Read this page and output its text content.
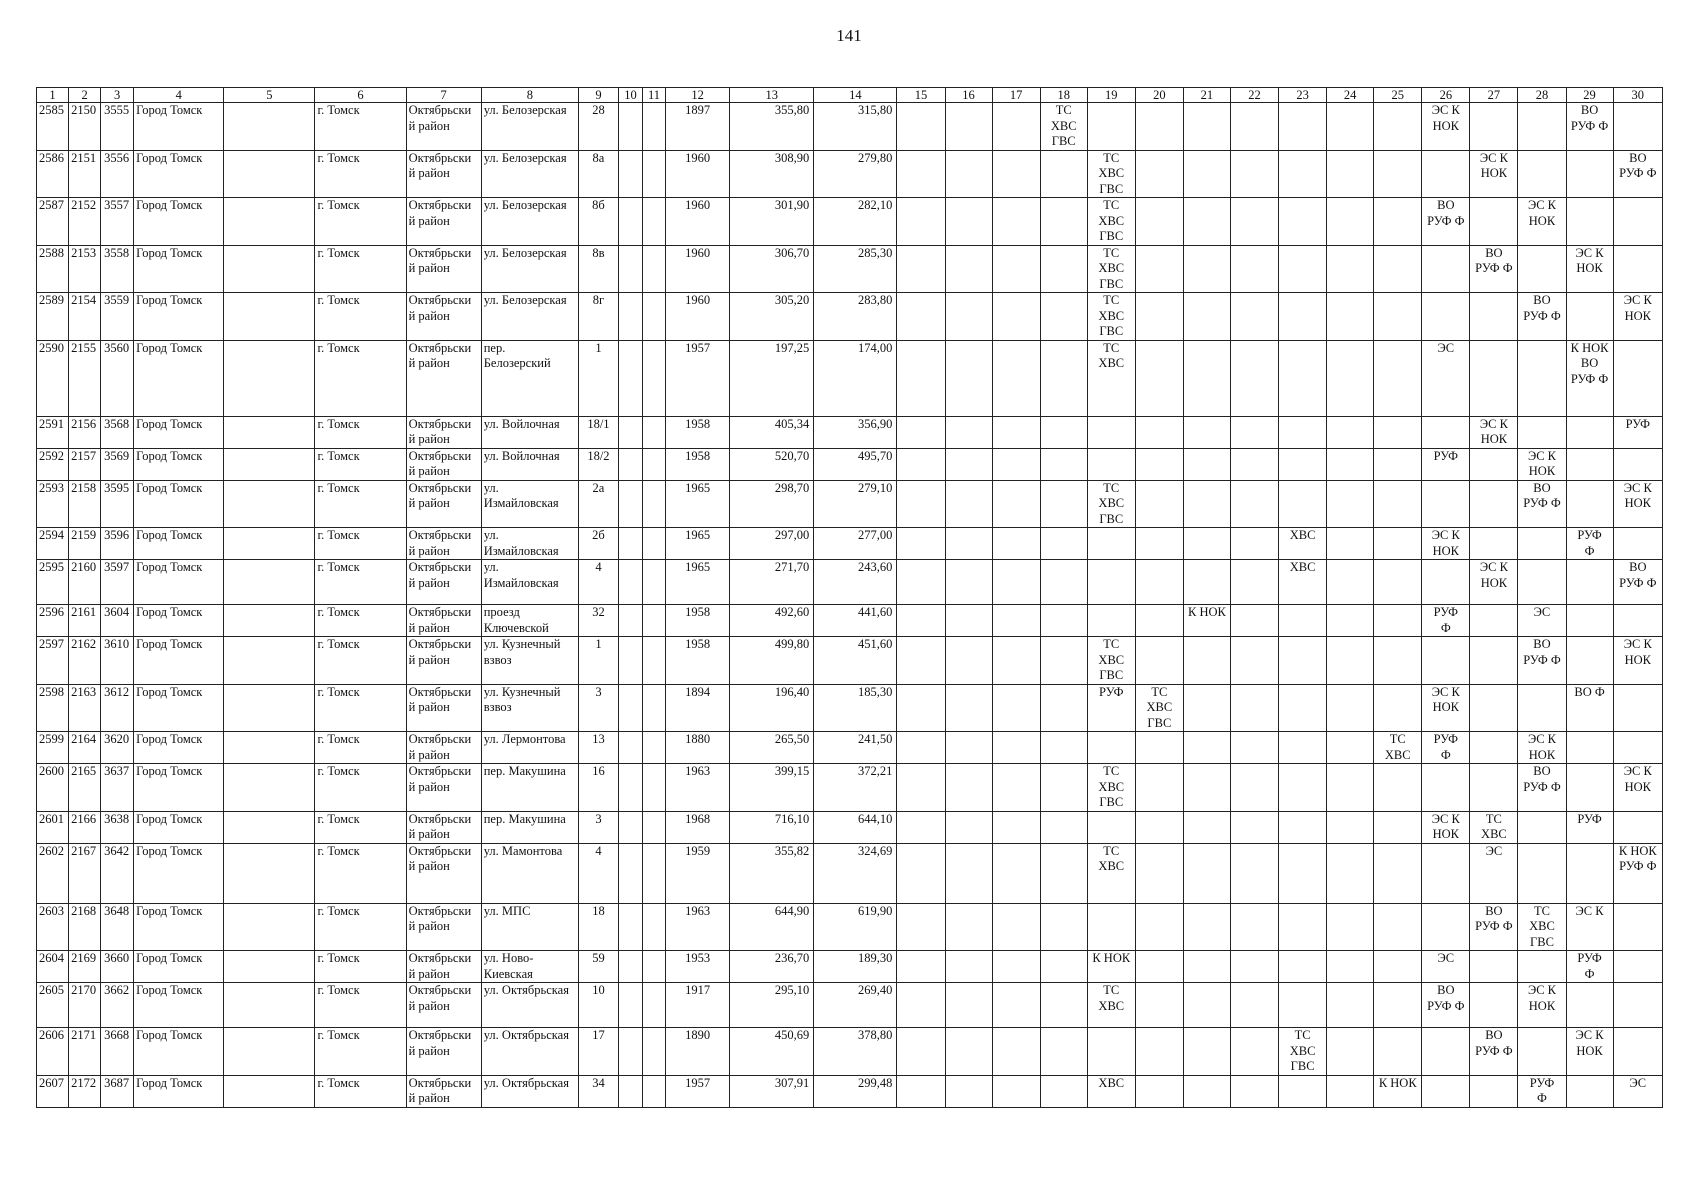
141
1	2	3	4	5	6	7	8	9	10	11	12	13	14	15	16	17	18	19	20	21	22	23	24	25	26	27	28	29	30
2585	2150	3555	Город Томск		г. Томск	Октябрьски
й район	ул. Белозерская	28			1897	355,80	315,80				ТС
ХВС
ГВС								ЭС К
НОК			ВО
РУФ Ф	
2586	2151	3556	Город Томск		г. Томск	Октябрьски
й район	ул. Белозерская	8а			1960	308,90	279,80					ТС
ХВС
ГВС								ЭС К
НОК			ВО
РУФ Ф
2587	2152	3557	Город Томск		г. Томск	Октябрьски
й район	ул. Белозерская	8б			1960	301,90	282,10					ТС
ХВС
ГВС							ВО
РУФ Ф		ЭС К
НОК		
2588	2153	3558	Город Томск		г. Томск	Октябрьски
й район	ул. Белозерская	8в			1960	306,70	285,30					ТС
ХВС
ГВС								ВО
РУФ Ф		ЭС К
НОК	
2589	2154	3559	Город Томск		г. Томск	Октябрьски
й район	ул. Белозерская	8г			1960	305,20	283,80					ТС
ХВС
ГВС									ВО
РУФ Ф		ЭС К
НОК
2590	2155	3560	Город Томск		г. Томск	Октябрьски
й район	пер.
Белозерский	1			1957	197,25	174,00					ТС
ХВС							ЭС			К НОК
ВО
РУФ Ф	
2591	2156	3568	Город Томск		г. Томск	Октябрьски
й район	ул. Войлочная	18/1			1958	405,34	356,90													ЭС К
НОК			РУФ
2592	2157	3569	Город Томск		г. Томск	Октябрьски
й район	ул. Войлочная	18/2			1958	520,70	495,70												РУФ		ЭС К
НОК		
2593	2158	3595	Город Томск		г. Томск	Октябрьски
й район	ул.
Измайловская	2а			1965	298,70	279,10					ТС
ХВС
ГВС									ВО
РУФ Ф		ЭС К
НОК
2594	2159	3596	Город Томск		г. Томск	Октябрьски
й район	ул.
Измайловская	2б			1965	297,00	277,00									ХВС			ЭС К
НОК			РУФ
Ф	
2595	2160	3597	Город Томск		г. Томск	Октябрьски
й район	ул.
Измайловская	4			1965	271,70	243,60									ХВС				ЭС К
НОК			ВО
РУФ Ф
2596	2161	3604	Город Томск		г. Томск	Октябрьски
й район	проезд
Ключевской	32			1958	492,60	441,60							К НОК					РУФ
Ф		ЭС		
2597	2162	3610	Город Томск		г. Томск	Октябрьски
й район	ул. Кузнечный
взвоз	1			1958	499,80	451,60					ТС
ХВС
ГВС									ВО
РУФ Ф		ЭС К
НОК
2598	2163	3612	Город Томск		г. Томск	Октябрьски
й район	ул. Кузнечный
взвоз	3			1894	196,40	185,30					РУФ	ТС
ХВС
ГВС						ЭС К
НОК			ВО Ф	
2599	2164	3620	Город Томск		г. Томск	Октябрьски
й район	ул. Лермонтова	13			1880	265,50	241,50											ТС
ХВС	РУФ
Ф		ЭС К
НОК		
2600	2165	3637	Город Томск		г. Томск	Октябрьски
й район	пер. Макушина	16			1963	399,15	372,21					ТС
ХВС
ГВС									ВО
РУФ Ф		ЭС К
НОК
2601	2166	3638	Город Томск		г. Томск	Октябрьски
й район	пер. Макушина	3			1968	716,10	644,10												ЭС К
НОК	ТС
ХВС		РУФ	
2602	2167	3642	Город Томск		г. Томск	Октябрьски
й район	ул. Мамонтова	4			1959	355,82	324,69					ТС
ХВС								ЭС			К НОК
РУФ Ф
2603	2168	3648	Город Томск		г. Томск	Октябрьски
й район	ул. МПС	18			1963	644,90	619,90													ВО
РУФ Ф	ТС
ХВС
ГВС	ЭС К	
2604	2169	3660	Город Томск		г. Томск	Октябрьски
й район	ул. Ново-
Киевская	59			1953	236,70	189,30					К НОК							ЭС			РУФ
Ф	
2605	2170	3662	Город Томск		г. Томск	Октябрьски
й район	ул. Октябрьская	10			1917	295,10	269,40					ТС
ХВС							ВО
РУФ Ф		ЭС К
НОК		
2606	2171	3668	Город Томск		г. Томск	Октябрьски
й район	ул. Октябрьская	17			1890	450,69	378,80									ТС
ХВС
ГВС				ВО
РУФ Ф		ЭС К
НОК	
2607	2172	3687	Город Томск		г. Томск	Октябрьски
й район	ул. Октябрьская	34			1957	307,91	299,48					ХВС						К НОК			РУФ
Ф		ЭС
